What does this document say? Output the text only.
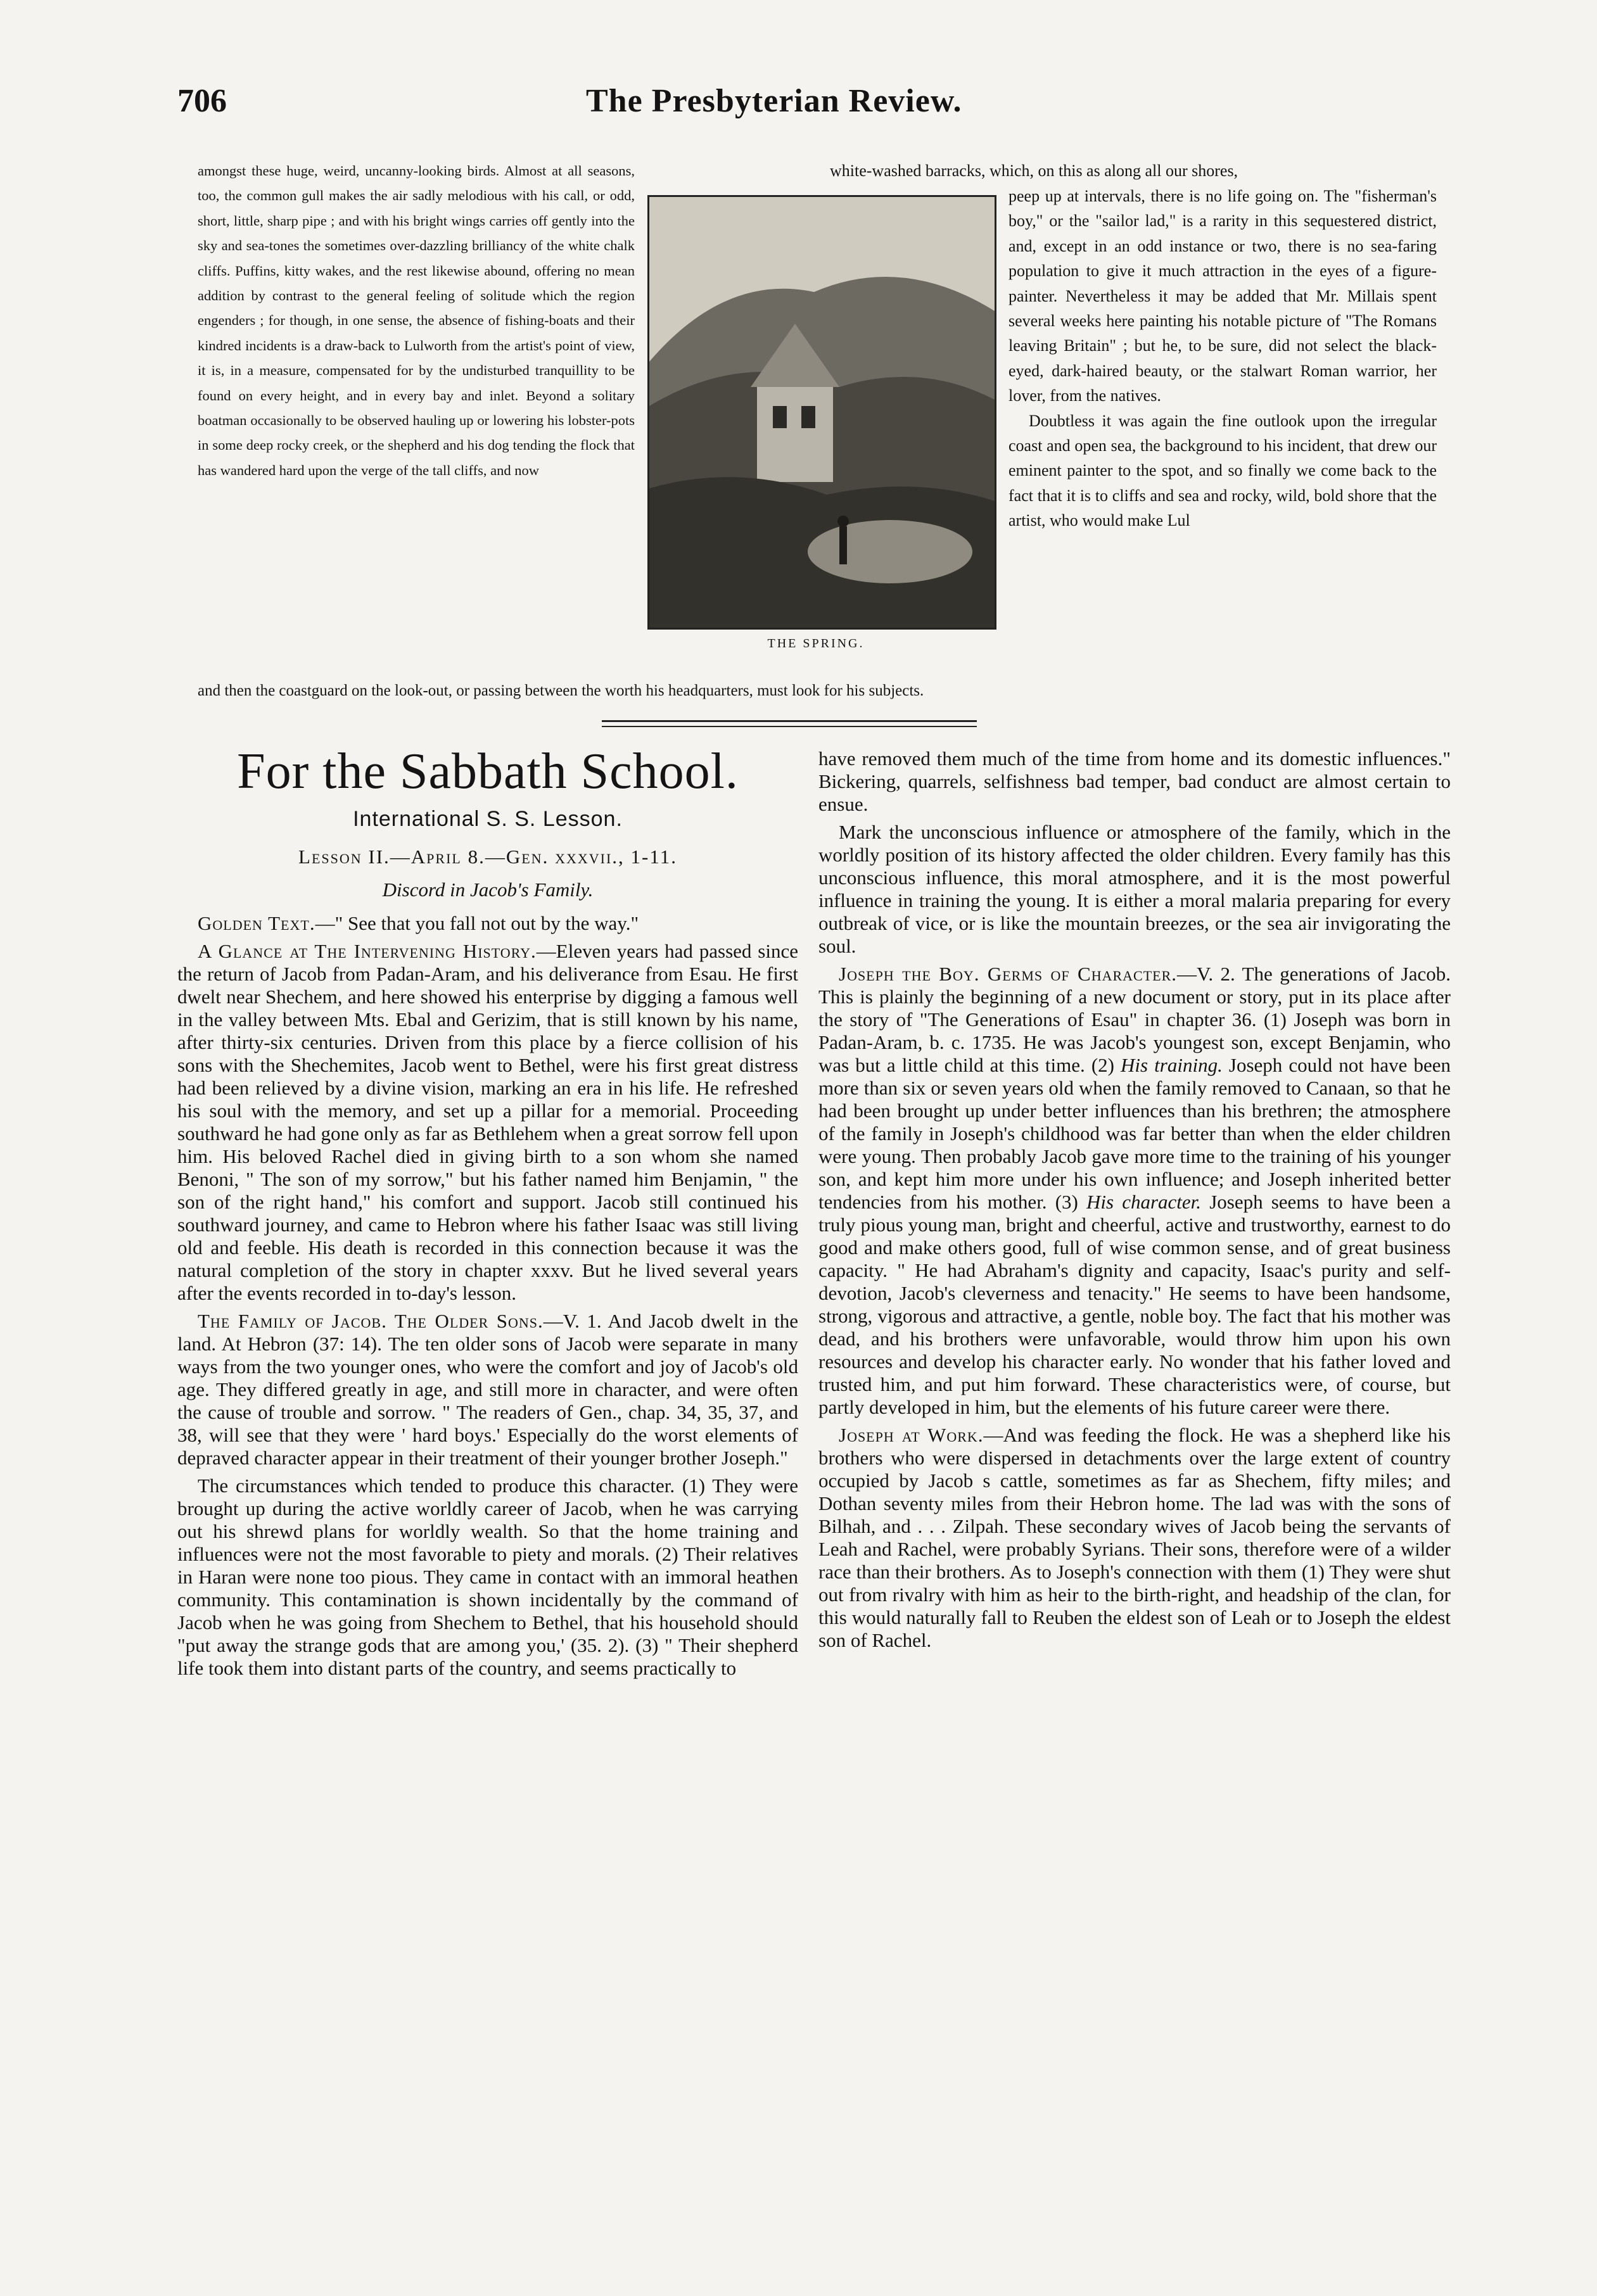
706	The Presbyterian Review.
amongst these huge, weird, uncanny-looking birds. Almost at all seasons, too, the common gull makes the air sadly melodious with his call, or odd, short, little, sharp pipe ; and with his bright wings carries off gently into the sky and sea-tones the sometimes over-dazzling brilliancy of the white chalk cliffs. Puffins, kitty wakes, and the rest likewise abound, offering no mean addition by contrast to the general feeling of solitude which the region engenders ; for though, in one sense, the absence of fishing-boats and their kindred incidents is a draw-back to Lulworth from the artist's point of view, it is, in a measure, compensated for by the undisturbed tranquillity to be found on every height, and in every bay and inlet. Beyond a solitary boatman occasionally to be observed hauling up or lowering his lobster-pots in some deep rocky creek, or the shepherd and his dog tending the flock that has wandered hard upon the verge of the tall cliffs, and now
white-washed barracks, which, on this as along all our shores,
THE SPRING.
peep up at intervals, there is no life going on. The "fisherman's boy," or the "sailor lad," is a rarity in this sequestered district, and, except in an odd instance or two, there is no sea-faring population to give it much attraction in the eyes of a figure-painter. Nevertheless it may be added that Mr. Millais spent several weeks here painting his notable picture of "The Romans leaving Britain" ; but he, to be sure, did not select the black-eyed, dark-haired beauty, or the stalwart Roman warrior, her lover, from the natives.
Doubtless it was again the fine outlook upon the irregular coast and open sea, the background to his incident, that drew our eminent painter to the spot, and so finally we come back to the fact that it is to cliffs and sea and rocky, wild, bold shore that the artist, who would make Lul
and then the coastguard on the look-out, or passing between the worth his headquarters, must look for his subjects.
For the Sabbath School.
International S. S. Lesson.
Lesson II.—April 8.—Gen. xxxvii., 1-11.
Discord in Jacob's Family.

Golden Text.—" See that you fall not out by the way."

A Glance at The Intervening History.—Eleven years had passed since the return of Jacob from Padan-Aram, and his deliverance from Esau. He first dwelt near Shechem, and here showed his enterprise by digging a famous well in the valley between Mts. Ebal and Gerizim, that is still known by his name, after thirty-six centuries. Driven from this place by a fierce collision of his sons with the Shechemites, Jacob went to Bethel, were his first great distress had been relieved by a divine vision, marking an era in his life. He refreshed his soul with the memory, and set up a pillar for a memorial. Proceeding southward he had gone only as far as Bethlehem when a great sorrow fell upon him. His beloved Rachel died in giving birth to a son whom she named Benoni, " The son of my sorrow," but his father named him Benjamin, " the son of the right hand," his comfort and support. Jacob still continued his southward journey, and came to Hebron where his father Isaac was still living old and feeble. His death is recorded in this connection because it was the natural completion of the story in chapter xxxv. But he lived several years after the events recorded in to-day's lesson.

The Family of Jacob. The Older Sons.—V. 1. And Jacob dwelt in the land. At Hebron (37: 14). The ten older sons of Jacob were separate in many ways from the two younger ones, who were the comfort and joy of Jacob's old age. They differed greatly in age, and still more in character, and were often the cause of trouble and sorrow. " The readers of Gen., chap. 34, 35, 37, and 38, will see that they were ' hard boys.' Especially do the worst elements of depraved character appear in their treatment of their younger brother Joseph."

The circumstances which tended to produce this character. (1) They were brought up during the active worldly career of Jacob, when he was carrying out his shrewd plans for worldly wealth. So that the home training and influences were not the most favorable to piety and morals. (2) Their relatives in Haran were none too pious. They came in contact with an immoral heathen community. This contamination is shown incidentally by the command of Jacob when he was going from Shechem to Bethel, that his household should "put away the strange gods that are among you,' (35. 2). (3) " Their shepherd life took them into distant parts of the country, and seems practically to

have removed them much of the time from home and its domestic influences." Bickering, quarrels, selfishness bad temper, bad conduct are almost certain to ensue.

Mark the unconscious influence or atmosphere of the family, which in the worldly position of its history affected the older children. Every family has this unconscious influence, this moral atmosphere, and it is the most powerful influence in training the young. It is either a moral malaria preparing for every outbreak of vice, or is like the mountain breezes, or the sea air invigorating the soul.

Joseph the Boy. Germs of Character.—V. 2. The generations of Jacob. This is plainly the beginning of a new document or story, put in its place after the story of "The Generations of Esau" in chapter 36. (1) Joseph was born in Padan-Aram, b. c. 1735. He was Jacob's youngest son, except Benjamin, who was but a little child at this time. (2) His training. Joseph could not have been more than six or seven years old when the family removed to Canaan, so that he had been brought up under better influences than his brethren; the atmosphere of the family in Joseph's childhood was far better than when the elder children were young. Then probably Jacob gave more time to the training of his younger son, and kept him more under his own influence; and Joseph inherited better tendencies from his mother. (3) His character. Joseph seems to have been a truly pious young man, bright and cheerful, active and trustworthy, earnest to do good and make others good, full of wise common sense, and of great business capacity. " He had Abraham's dignity and capacity, Isaac's purity and self-devotion, Jacob's cleverness and tenacity." He seems to have been handsome, strong, vigorous and attractive, a gentle, noble boy. The fact that his mother was dead, and his brothers were unfavorable, would throw him upon his own resources and develop his character early. No wonder that his father loved and trusted him, and put him forward. These characteristics were, of course, but partly developed in him, but the elements of his future career were there.

Joseph at Work.—And was feeding the flock. He was a shepherd like his brothers who were dispersed in detachments over the large extent of country occupied by Jacob s cattle, sometimes as far as Shechem, fifty miles; and Dothan seventy miles from their Hebron home. The lad was with the sons of Bilhah, and . . . Zilpah. These secondary wives of Jacob being the servants of Leah and Rachel, were probably Syrians. Their sons, therefore were of a wilder race than their brothers. As to Joseph's connection with them (1) They were shut out from rivalry with him as heir to the birth-right, and headship of the clan, for this would naturally fall to Reuben the eldest son of Leah or to Joseph the eldest son of Rachel.
